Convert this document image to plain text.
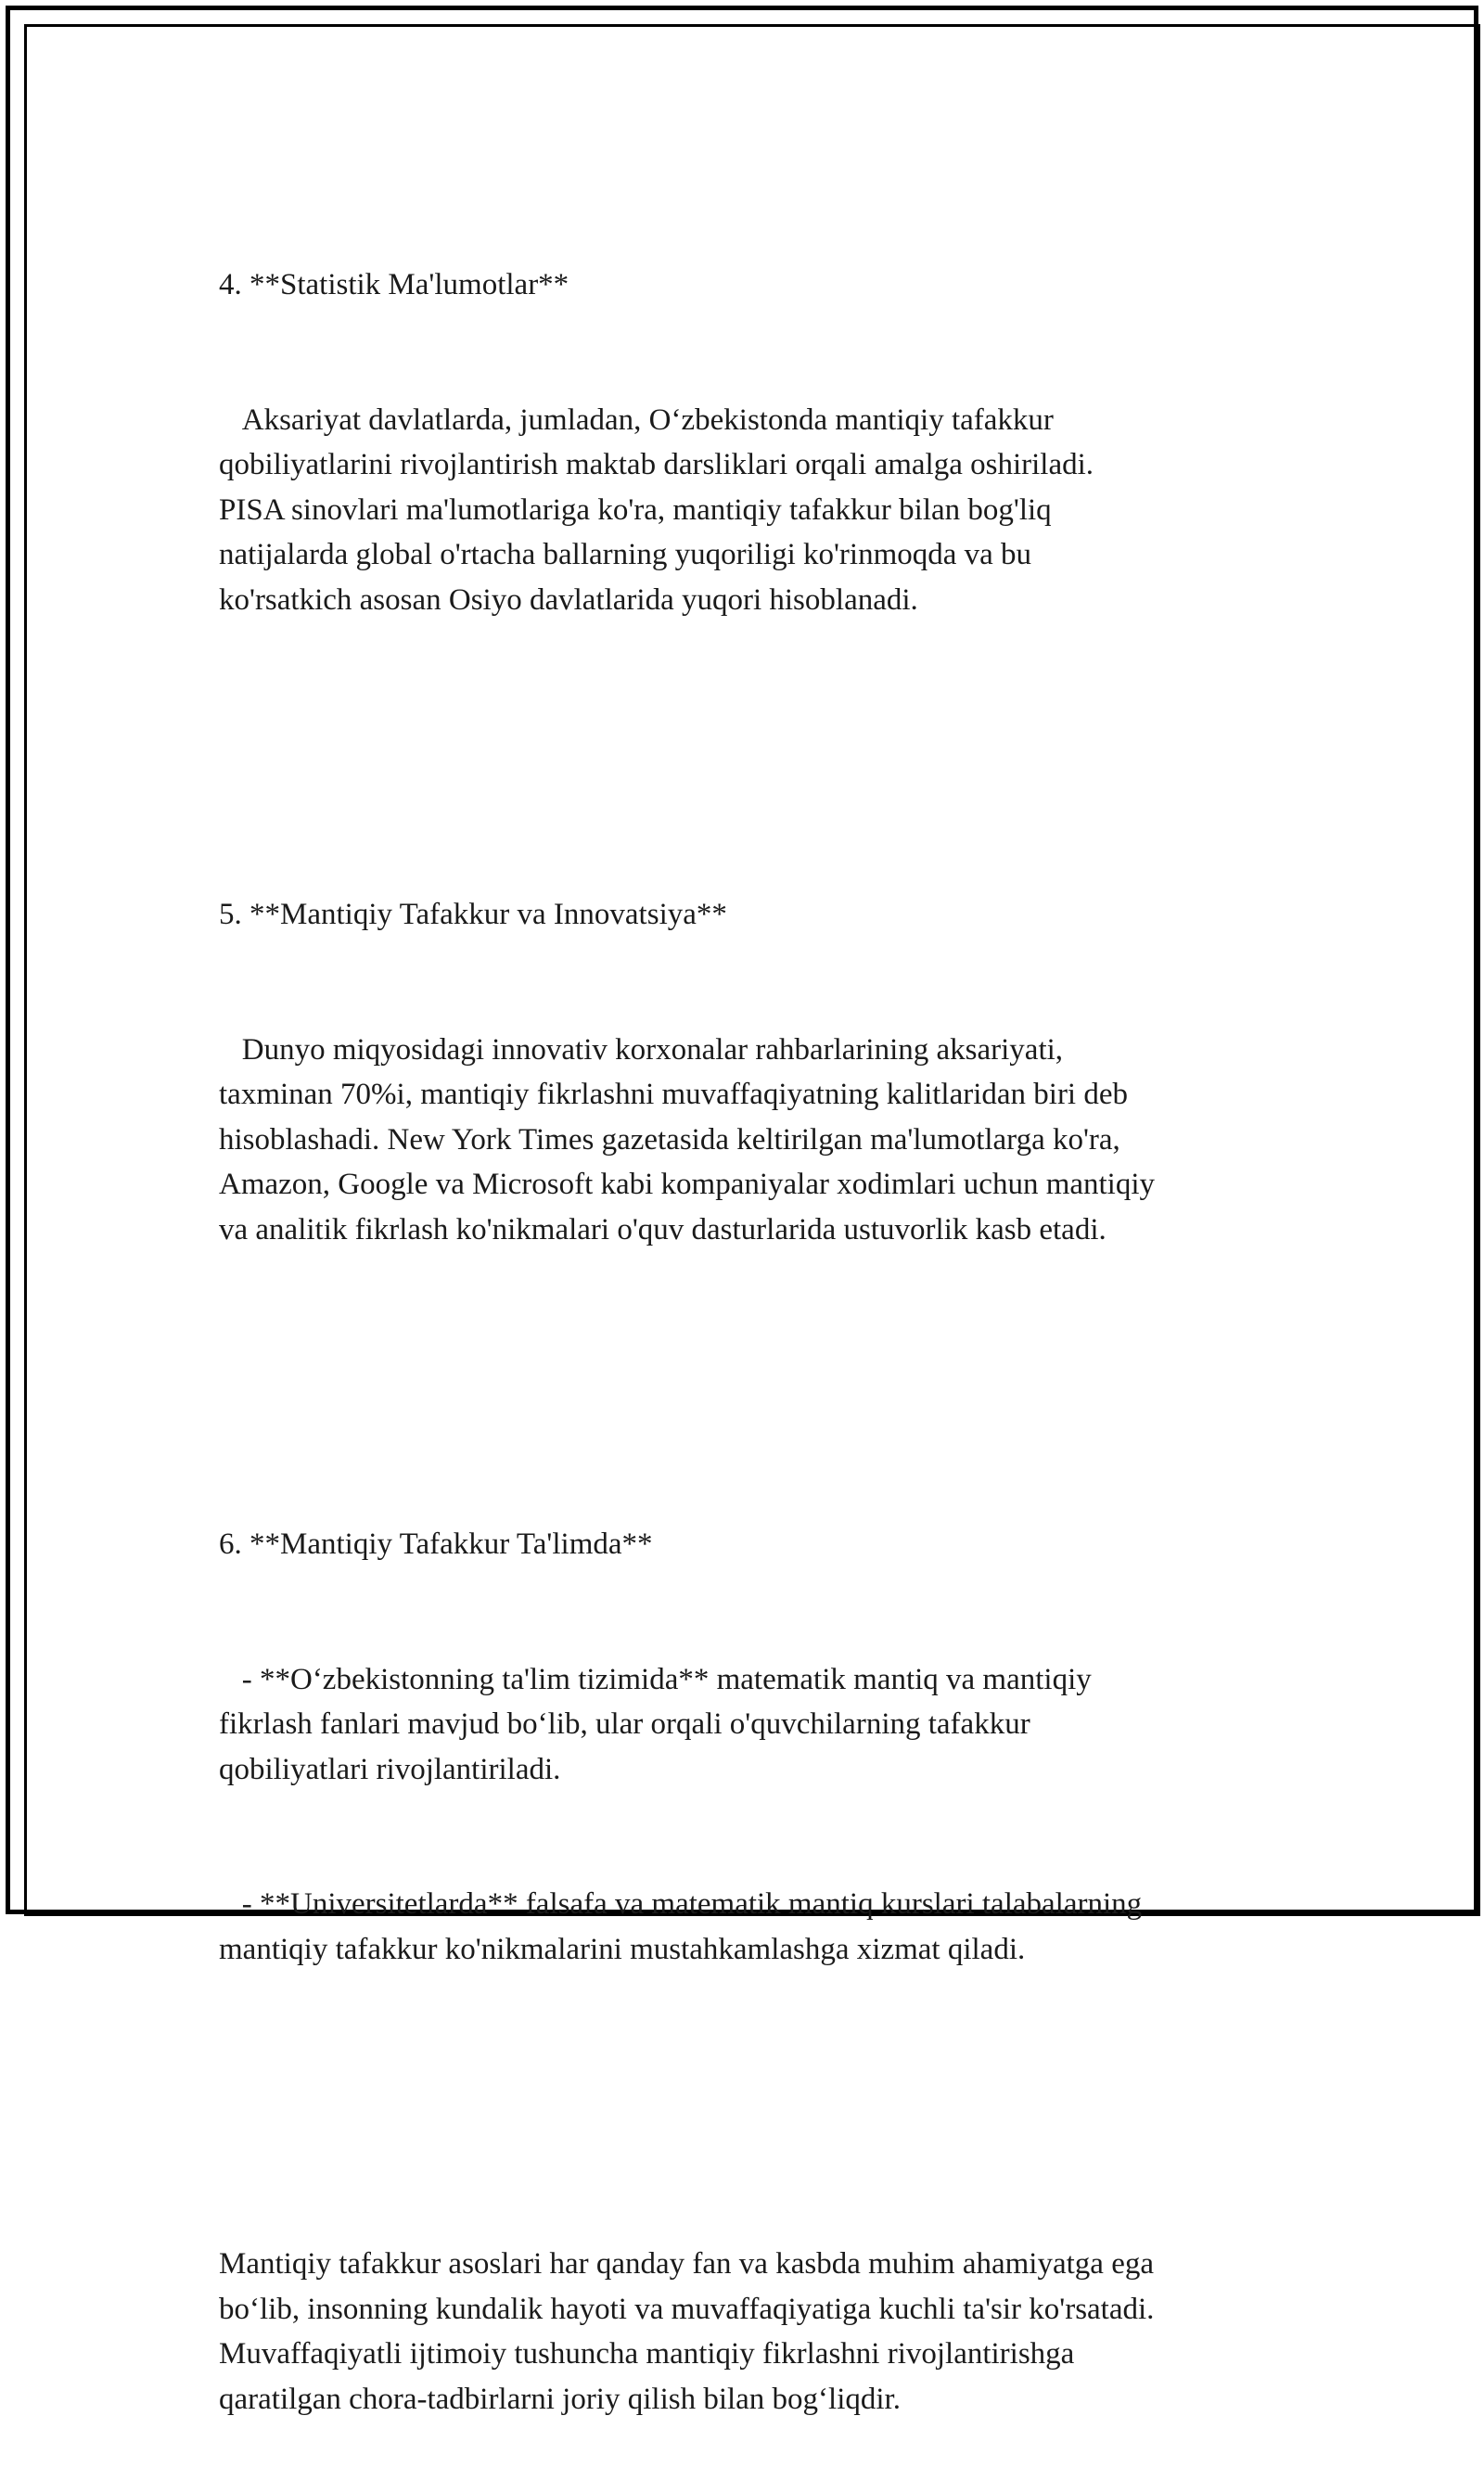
4. **Statistik Ma'lumotlar**

Aksariyat davlatlarda, jumladan, O‘zbekistonda mantiqiy tafakkur
qobiliyatlarini rivojlantirish maktab darsliklari orqali amalga oshiriladi.
PISA sinovlari ma'lumotlariga ko'ra, mantiqiy tafakkur bilan bog'liq
natijalarda global o'rtacha ballarning yuqoriligi ko'rinmoqda va bu
ko'rsatkich asosan Osiyo davlatlarida yuqori hisoblanadi.

5. **Mantiqiy Tafakkur va Innovatsiya**

Dunyo miqyosidagi innovativ korxonalar rahbarlarining aksariyati,
taxminan 70%i, mantiqiy fikrlashni muvaffaqiyatning kalitlaridan biri deb
hisoblashadi. New York Times gazetasida keltirilgan ma'lumotlarga ko'ra,
Amazon, Google va Microsoft kabi kompaniyalar xodimlari uchun mantiqiy
va analitik fikrlash ko'nikmalari o'quv dasturlarida ustuvorlik kasb etadi.

6. **Mantiqiy Tafakkur Ta'limda**

- **O‘zbekistonning ta'lim tizimida** matematik mantiq va mantiqiy
fikrlash fanlari mavjud bo‘lib, ular orqali o'quvchilarning tafakkur
qobiliyatlari rivojlantiriladi.

- **Universitetlarda** falsafa va matematik mantiq kurslari talabalarning
mantiqiy tafakkur ko'nikmalarini mustahkamlashga xizmat qiladi.

Mantiqiy tafakkur asoslari har qanday fan va kasbda muhim ahamiyatga ega
bo‘lib, insonning kundalik hayoti va muvaffaqiyatiga kuchli ta'sir ko'rsatadi.
Muvaffaqiyatli ijtimoiy tushuncha mantiqiy fikrlashni rivojlantirishga
qaratilgan chora-tadbirlarni joriy qilish bilan bog‘liqdir.
